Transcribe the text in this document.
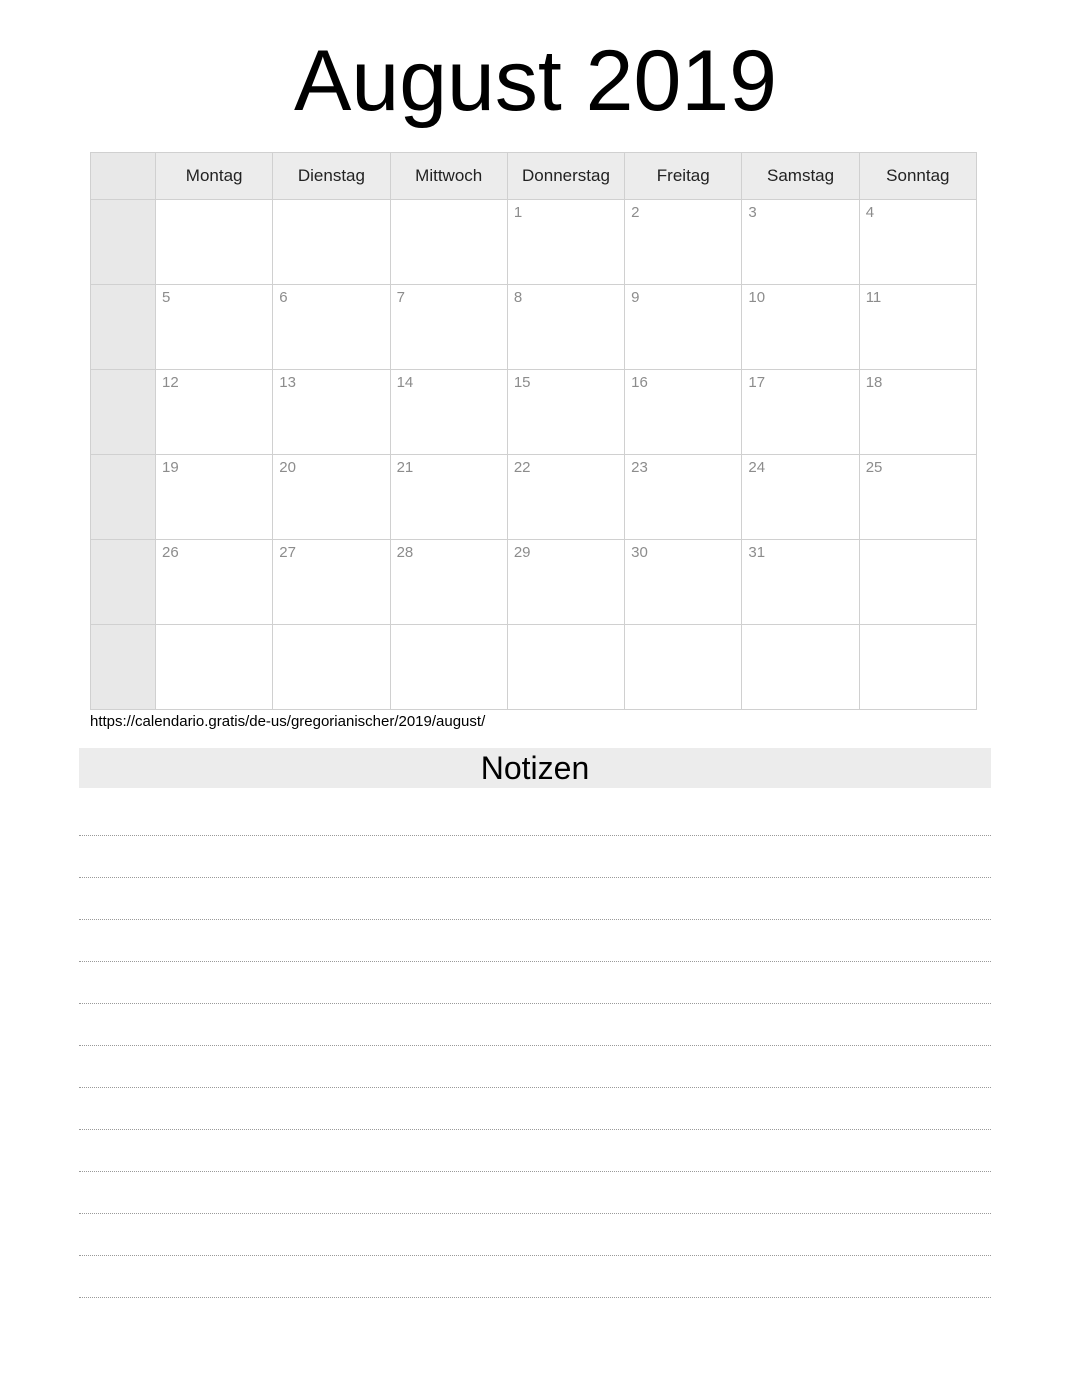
August 2019
	Montag	Dienstag	Mittwoch	Donnerstag	Freitag	Samstag	Sonntag

				1	2	3	4

	5	6	7	8	9	10	11

	12	13	14	15	16	17	18

	19	20	21	22	23	24	25

	26	27	28	29	30	31	

https://calendario.gratis/de-us/gregorianischer/2019/august/
Notizen
